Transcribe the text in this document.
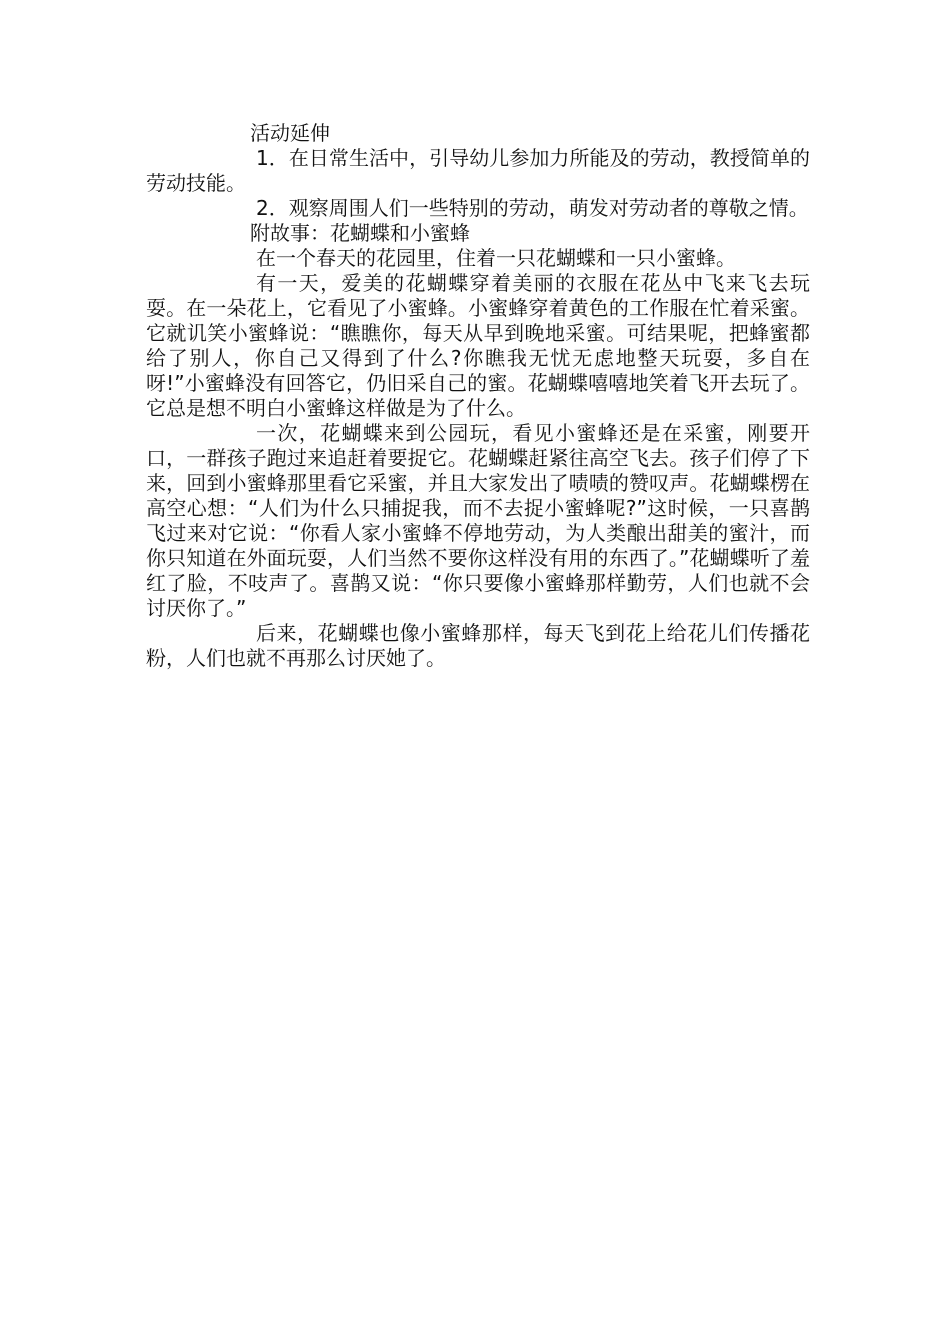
活动延伸

1．在日常生活中，引导幼儿参加力所能及的劳动，教授简单的劳动技能。

2．观察周围人们一些特别的劳动，萌发对劳动者的尊敬之情。

附故事：花蝴蝶和小蜜蜂

在一个春天的花园里，住着一只花蝴蝶和一只小蜜蜂。

有一天，爱美的花蝴蝶穿着美丽的衣服在花丛中飞来飞去玩耍。在一朵花上，它看见了小蜜蜂。小蜜蜂穿着黄色的工作服在忙着采蜜。它就讥笑小蜜蜂说：“瞧瞧你，每天从早到晚地采蜜。可结果呢，把蜂蜜都给了别人，你自己又得到了什么?你瞧我无忧无虑地整天玩耍，多自在呀!”小蜜蜂没有回答它，仍旧采自己的蜜。花蝴蝶嘻嘻地笑着飞开去玩了。它总是想不明白小蜜蜂这样做是为了什么。

一次，花蝴蝶来到公园玩，看见小蜜蜂还是在采蜜，刚要开口，一群孩子跑过来追赶着要捉它。花蝴蝶赶紧往高空飞去。孩子们停了下来，回到小蜜蜂那里看它采蜜，并且大家发出了啧啧的赞叹声。花蝴蝶楞在高空心想：“人们为什么只捕捉我，而不去捉小蜜蜂呢?”这时候，一只喜鹊飞过来对它说：“你看人家小蜜蜂不停地劳动，为人类酿出甜美的蜜汁，而你只知道在外面玩耍，人们当然不要你这样没有用的东西了。”花蝴蝶听了羞红了脸，不吱声了。喜鹊又说：“你只要像小蜜蜂那样勤劳，人们也就不会讨厌你了。”

后来，花蝴蝶也像小蜜蜂那样，每天飞到花上给花儿们传播花粉，人们也就不再那么讨厌她了。
